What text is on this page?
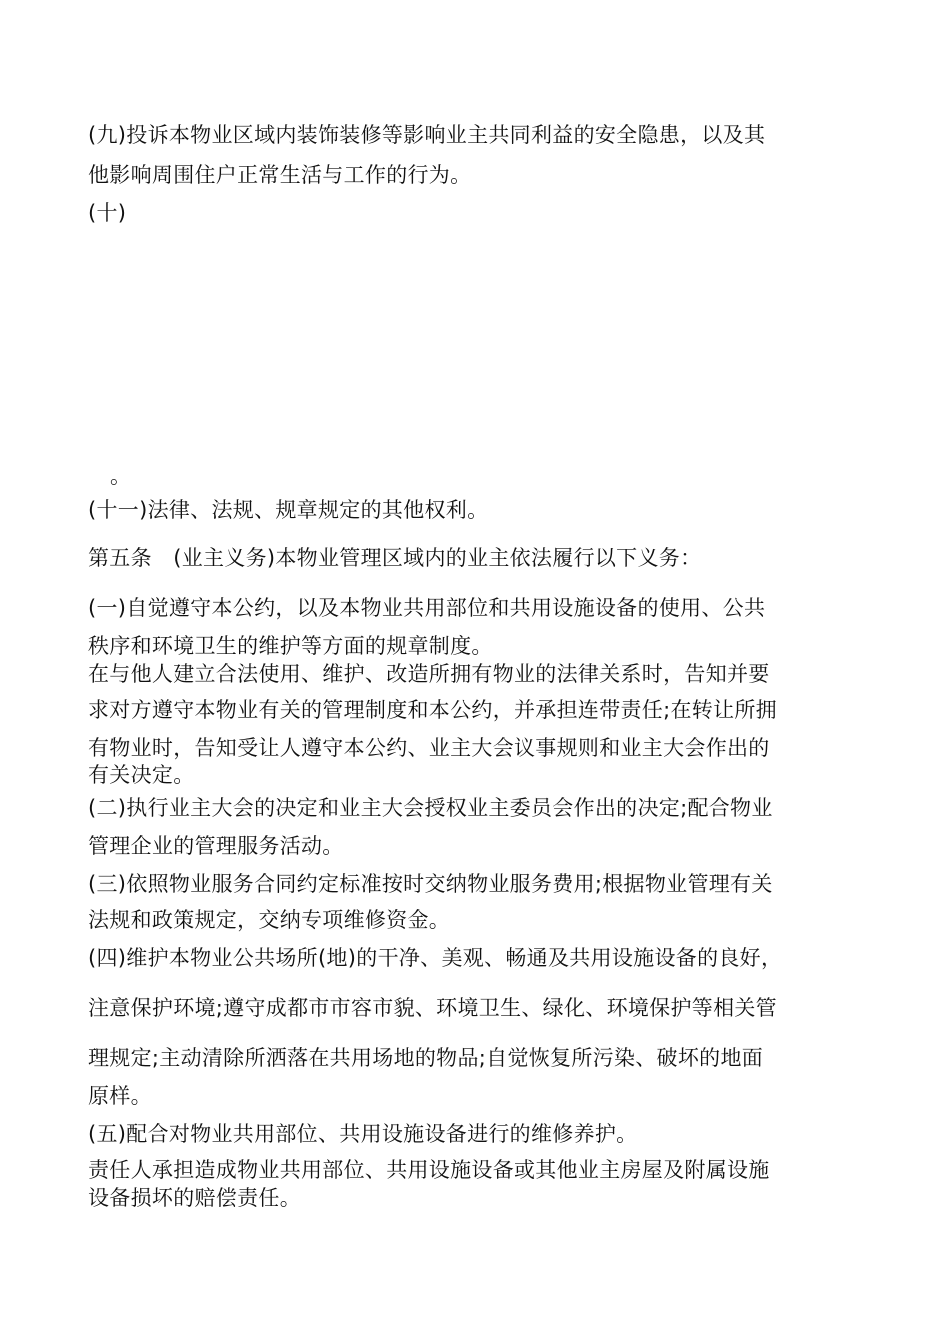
(九)投诉本物业区域内装饰装修等影响业主共同利益的安全隐患，以及其
他影响周围住户正常生活与工作的行为。
(十)
。
(十一)法律、法规、规章规定的其他权利。
第五条　(业主义务)本物业管理区域内的业主依法履行以下义务：
(一)自觉遵守本公约，以及本物业共用部位和共用设施设备的使用、公共
秩序和环境卫生的维护等方面的规章制度。
在与他人建立合法使用、维护、改造所拥有物业的法律关系时，告知并要
求对方遵守本物业有关的管理制度和本公约，并承担连带责任;在转让所拥
有物业时，告知受让人遵守本公约、业主大会议事规则和业主大会作出的
有关决定。
(二)执行业主大会的决定和业主大会授权业主委员会作出的决定;配合物业
管理企业的管理服务活动。
(三)依照物业服务合同约定标准按时交纳物业服务费用;根据物业管理有关
法规和政策规定，交纳专项维修资金。
(四)维护本物业公共场所(地)的干净、美观、畅通及共用设施设备的良好，
注意保护环境;遵守成都市市容市貌、环境卫生、绿化、环境保护等相关管
理规定;主动清除所洒落在共用场地的物品;自觉恢复所污染、破坏的地面
原样。
(五)配合对物业共用部位、共用设施设备进行的维修养护。
责任人承担造成物业共用部位、共用设施设备或其他业主房屋及附属设施
设备损坏的赔偿责任。
